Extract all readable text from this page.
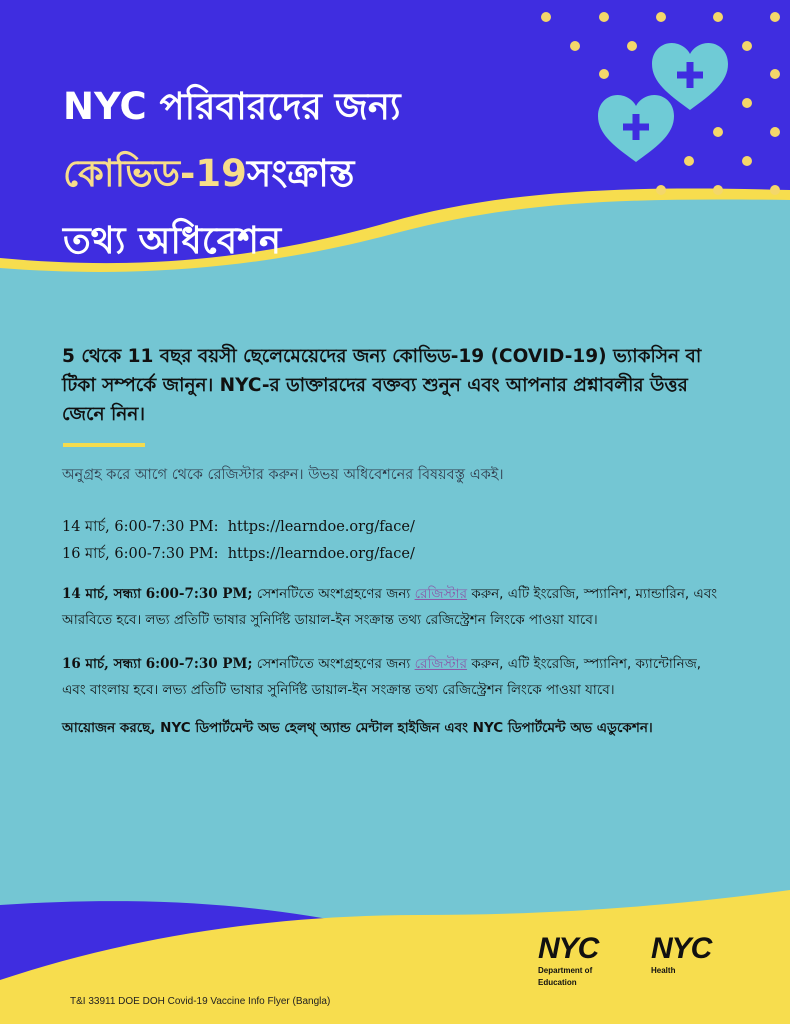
NYC পরিবারদের জন্য
কোভিড-19সংক্রান্ত
তথ্য অধিবেশন
5 থেকে 11 বছর বয়সী ছেলেমেয়েদের জন্য কোভিড-19 (COVID-19) ভ্যাকসিন বা টিকা সম্পর্কে জানুন। NYC-র ডাক্তারদের বক্তব্য শুনুন এবং আপনার প্রশ্নাবলীর উত্তর জেনে নিন।
অনুগ্রহ করে আগে থেকে রেজিস্টার করুন। উভয় অধিবেশনের বিষয়বস্তু একই।
14 মার্চ, 6:00-7:30 PM: https://learndoe.org/face/
16 মার্চ, 6:00-7:30 PM: https://learndoe.org/face/
14 মার্চ, সন্ধ্যা 6:00-7:30 PM; সেশনটিতে অংশগ্রহণের জন্য রেজিস্টার করুন, এটি ইংরেজি, স্প্যানিশ, ম্যান্ডারিন, এবং আরবিতে হবে। লভ্য প্রতিটি ভাষার সুনির্দিষ্ট ডায়াল-ইন সংক্রান্ত তথ্য রেজিস্ট্রেশন লিংকে পাওয়া যাবে।
16 মার্চ, সন্ধ্যা 6:00-7:30 PM; সেশনটিতে অংশগ্রহণের জন্য রেজিস্টার করুন, এটি ইংরেজি, স্প্যানিশ, ক্যান্টোনিজ, এবং বাংলায় হবে। লভ্য প্রতিটি ভাষার সুনির্দিষ্ট ডায়াল-ইন সংক্রান্ত তথ্য রেজিস্ট্রেশন লিংকে পাওয়া যাবে।
আয়োজন করছে, NYC ডিপার্টমেন্ট অভ হেলথ্ অ্যান্ড মেন্টাল হাইজিন এবং NYC ডিপার্টমেন্ট অভ এডুকেশন।
NYC
Department of
Education
NYC
Health
T&I 33911 DOE DOH Covid-19 Vaccine Info Flyer (Bangla)
